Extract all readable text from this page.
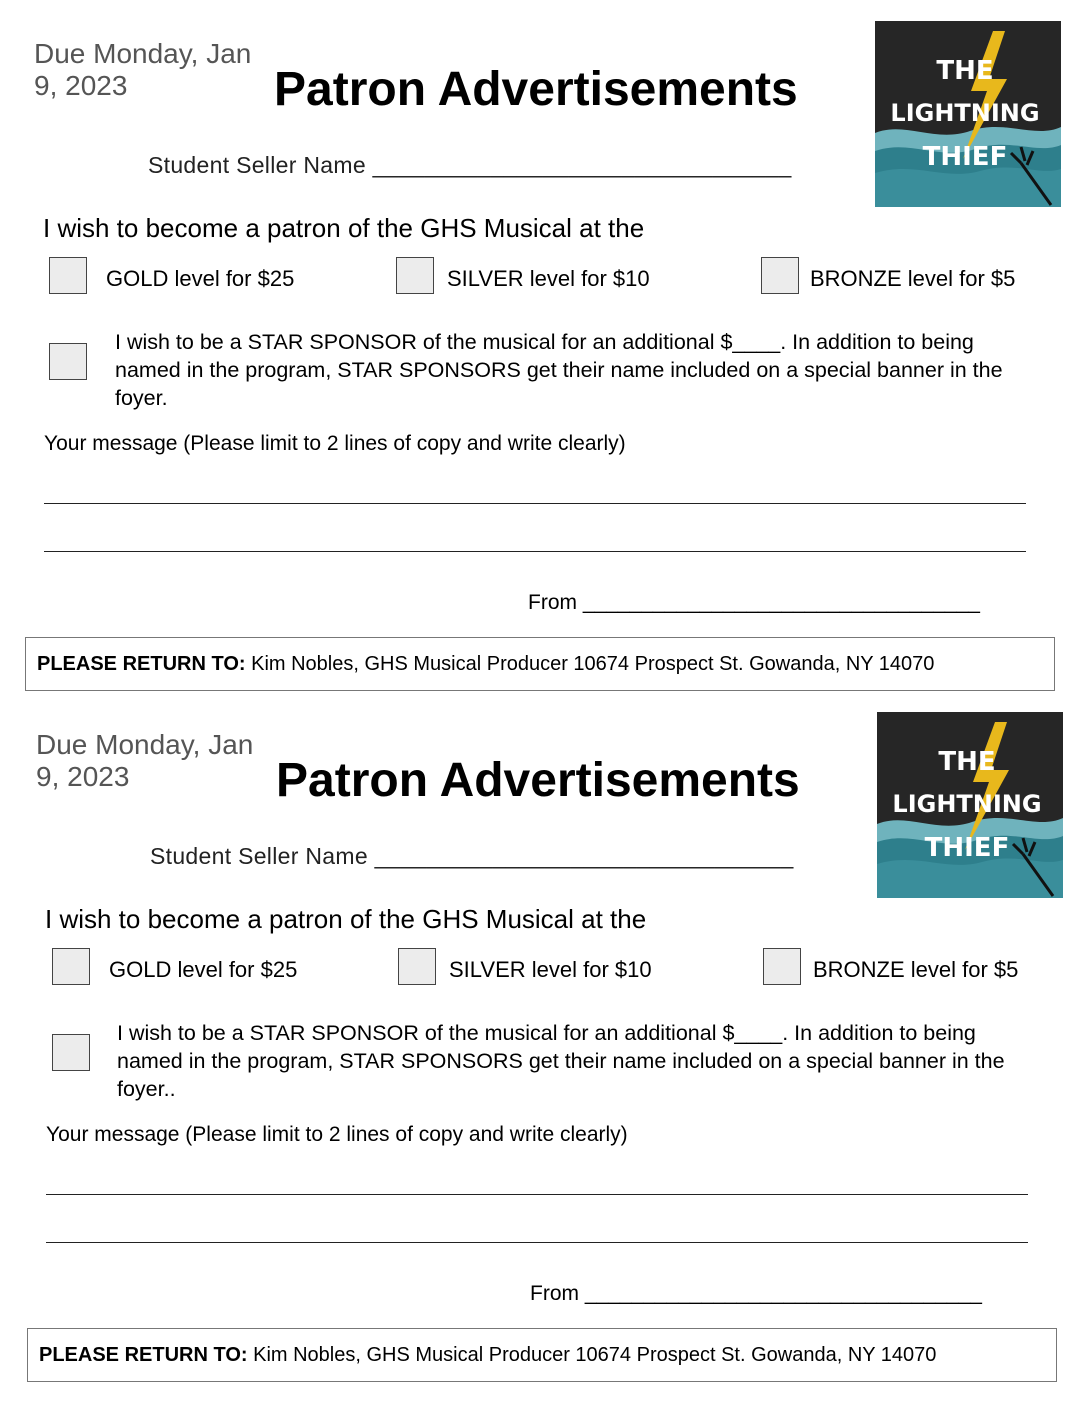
Due Monday, Jan 9, 2023	Patron Advertisements
Student Seller Name ________________________________
I wish to become a patron of the GHS Musical at the
GOLD level for $25	SILVER level for $10	BRONZE level for $5
I wish to be a STAR SPONSOR of the musical for an additional $____. In addition to being named in the program, STAR SPONSORS get their name included on a special banner in the foyer.
Your message (Please limit to 2 lines of copy and write clearly)
From __________________________________
PLEASE RETURN TO: Kim Nobles, GHS Musical Producer 10674 Prospect St. Gowanda, NY 14070
THE
LIGHTNING
THIEF
Due Monday, Jan 9, 2023	Patron Advertisements
Student Seller Name ________________________________
I wish to become a patron of the GHS Musical at the
GOLD level for $25	SILVER level for $10	BRONZE level for $5
I wish to be a STAR SPONSOR of the musical for an additional $____. In addition to being named in the program, STAR SPONSORS get their name included on a special banner in the foyer..
Your message (Please limit to 2 lines of copy and write clearly)
From __________________________________
PLEASE RETURN TO: Kim Nobles, GHS Musical Producer 10674 Prospect St. Gowanda, NY 14070
THE
LIGHTNING
THIEF
